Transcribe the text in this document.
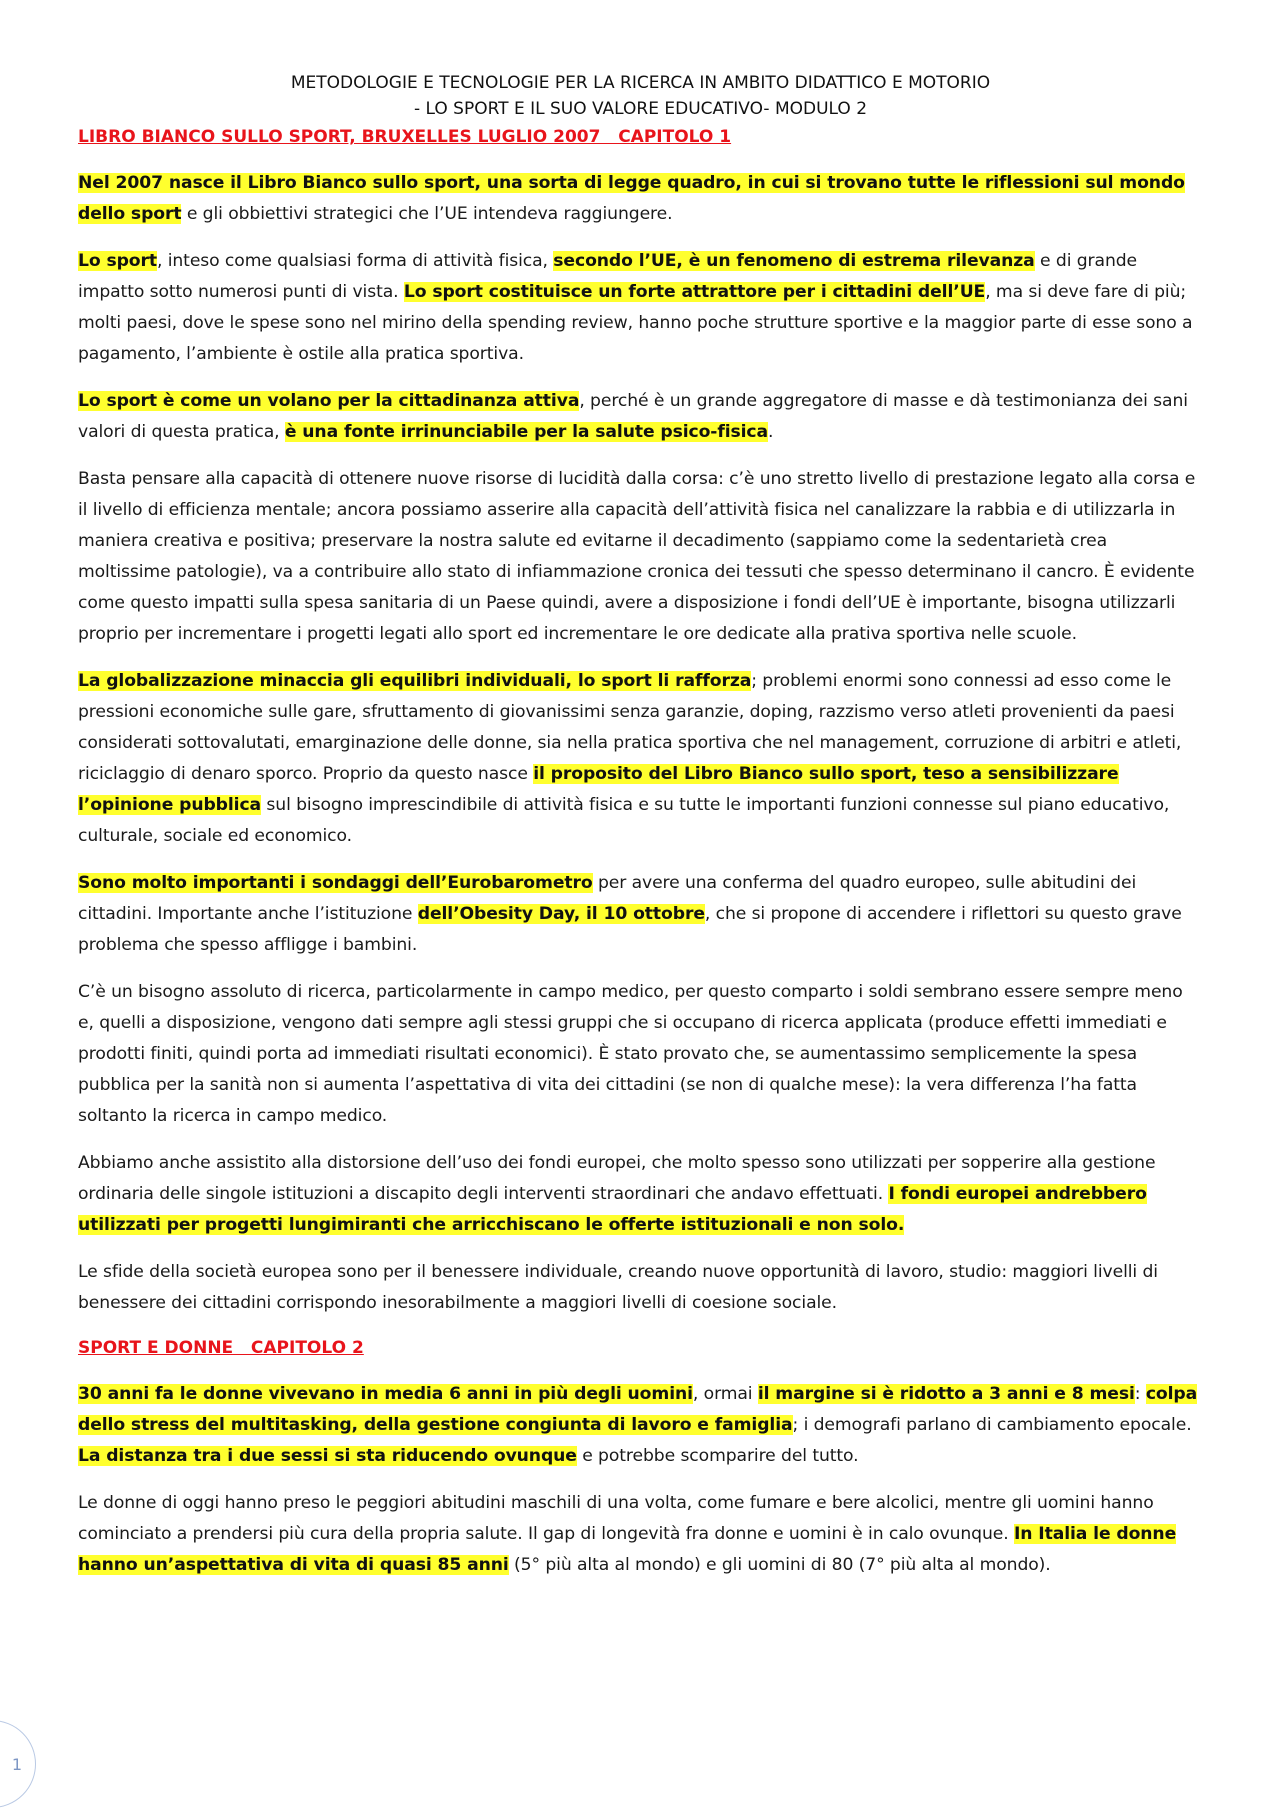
METODOLOGIE E TECNOLOGIE PER LA RICERCA IN AMBITO DIDATTICO E MOTORIO
- LO SPORT E IL SUO VALORE EDUCATIVO- MODULO 2
LIBRO BIANCO SULLO SPORT, BRUXELLES LUGLIO 2007   CAPITOLO 1

Nel 2007 nasce il Libro Bianco sullo sport, una sorta di legge quadro, in cui si trovano tutte le riflessioni sul mondo dello sport e gli obbiettivi strategici che l’UE intendeva raggiungere.

Lo sport, inteso come qualsiasi forma di attività fisica, secondo l’UE, è un fenomeno di estrema rilevanza e di grande impatto sotto numerosi punti di vista. Lo sport costituisce un forte attrattore per i cittadini dell’UE, ma si deve fare di più; molti paesi, dove le spese sono nel mirino della spending review, hanno poche strutture sportive e la maggior parte di esse sono a pagamento, l’ambiente è ostile alla pratica sportiva.

Lo sport è come un volano per la cittadinanza attiva, perché è un grande aggregatore di masse e dà testimonianza dei sani valori di questa pratica, è una fonte irrinunciabile per la salute psico-fisica.

Basta pensare alla capacità di ottenere nuove risorse di lucidità dalla corsa: c’è uno stretto livello di prestazione legato alla corsa e il livello di efficienza mentale; ancora possiamo asserire alla capacità dell’attività fisica nel canalizzare la rabbia e di utilizzarla in maniera creativa e positiva; preservare la nostra salute ed evitarne il decadimento (sappiamo come la sedentarietà crea moltissime patologie), va a contribuire allo stato di infiammazione cronica dei tessuti che spesso determinano il cancro. È evidente come questo impatti sulla spesa sanitaria di un Paese quindi, avere a disposizione i fondi dell’UE è importante, bisogna utilizzarli proprio per incrementare i progetti legati allo sport ed incrementare le ore dedicate alla prativa sportiva nelle scuole.

La globalizzazione minaccia gli equilibri individuali, lo sport li rafforza; problemi enormi sono connessi ad esso come le pressioni economiche sulle gare, sfruttamento di giovanissimi senza garanzie, doping, razzismo verso atleti provenienti da paesi considerati sottovalutati, emarginazione delle donne, sia nella pratica sportiva che nel management, corruzione di arbitri e atleti, riciclaggio di denaro sporco. Proprio da questo nasce il proposito del Libro Bianco sullo sport, teso a sensibilizzare l’opinione pubblica sul bisogno imprescindibile di attività fisica e su tutte le importanti funzioni connesse sul piano educativo, culturale, sociale ed economico.

Sono molto importanti i sondaggi dell’Eurobarometro per avere una conferma del quadro europeo, sulle abitudini dei cittadini. Importante anche l’istituzione dell’Obesity Day, il 10 ottobre, che si propone di accendere i riflettori su questo grave problema che spesso affligge i bambini.

C’è un bisogno assoluto di ricerca, particolarmente in campo medico, per questo comparto i soldi sembrano essere sempre meno e, quelli a disposizione, vengono dati sempre agli stessi gruppi che si occupano di ricerca applicata (produce effetti immediati e prodotti finiti, quindi porta ad immediati risultati economici). È stato provato che, se aumentassimo semplicemente la spesa pubblica per la sanità non si aumenta l’aspettativa di vita dei cittadini (se non di qualche mese): la vera differenza l’ha fatta soltanto la ricerca in campo medico.

Abbiamo anche assistito alla distorsione dell’uso dei fondi europei, che molto spesso sono utilizzati per sopperire alla gestione ordinaria delle singole istituzioni a discapito degli interventi straordinari che andavo effettuati. I fondi europei andrebbero utilizzati per progetti lungimiranti che arricchiscano le offerte istituzionali e non solo.

Le sfide della società europea sono per il benessere individuale, creando nuove opportunità di lavoro, studio: maggiori livelli di benessere dei cittadini corrispondo inesorabilmente a maggiori livelli di coesione sociale.

SPORT E DONNE   CAPITOLO 2

30 anni fa le donne vivevano in media 6 anni in più degli uomini, ormai il margine si è ridotto a 3 anni e 8 mesi: colpa dello stress del multitasking, della gestione congiunta di lavoro e famiglia; i demografi parlano di cambiamento epocale. La distanza tra i due sessi si sta riducendo ovunque e potrebbe scomparire del tutto.

Le donne di oggi hanno preso le peggiori abitudini maschili di una volta, come fumare e bere alcolici, mentre gli uomini hanno cominciato a prendersi più cura della propria salute. Il gap di longevità fra donne e uomini è in calo ovunque. In Italia le donne hanno un’aspettativa di vita di quasi 85 anni (5° più alta al mondo) e gli uomini di 80 (7° più alta al mondo).

1
